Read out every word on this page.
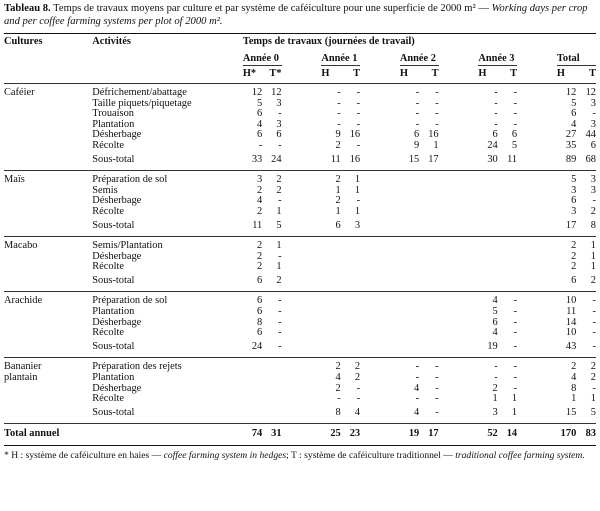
Tableau 8. Temps de travaux moyens par culture et par système de caféiculture pour une superficie de 2000 m² — Working days per crop and per coffee farming systems per plot of 2000 m².
Cultures	Activités	Temps de travaux (journées de travail)													
		Année 0			Année 1			Année 2			Année 3			Total	
		H*	T*		H	T		H	T		H	T		H	T
Caféier	Défrichement/abattage	12	12		-	-		-	-		-	-		12	12
	Taille piquets/piquetage	5	3		-	-		-	-		-	-		5	3
	Trouaison	6	-		-	-		-	-		-	-		6	-
	Plantation	4	3		-	-		-	-		-	-		4	3
	Désherbage	6	6		9	16		6	16		6	6		27	44
	Récolte	-	-		2	-		9	1		24	5		35	6
	Sous-total	33	24		11	16		15	17		30	11		89	68
Maïs	Préparation de sol	3	2		2	1								5	3
	Semis	2	2		1	1								3	3
	Désherbage	4	-		2	-								6	-
	Récolte	2	1		1	1								3	2
	Sous-total	11	5		6	3								17	8
Macabo	Semis/Plantation	2	1											2	1
	Désherbage	2	-											2	1
	Récolte	2	1											2	1
	Sous-total	6	2											6	2
Arachide	Préparation de sol	6	-								4	-		10	-
	Plantation	6	-								5	-		11	-
	Désherbage	8	-								6	-		14	-
	Récolte	6	-								4	-		10	-
	Sous-total	24	-								19	-		43	-
Bananier	Préparation des rejets				2	2		-	-		-	-		2	2
plantain	Plantation				4	2		-	-		-	-		4	2
	Désherbage				2	-		4	-		2	-		8	-
	Récolte				-	-		-	-		1	1		1	1
	Sous-total				8	4		4	-		3	1		15	5
Total annuel		74	31		25	23		19	17		52	14		170	83
* H : système de caféiculture en haies — coffee farming system in hedges; T : système de caféiculture traditionnel — traditional coffee farming system.
